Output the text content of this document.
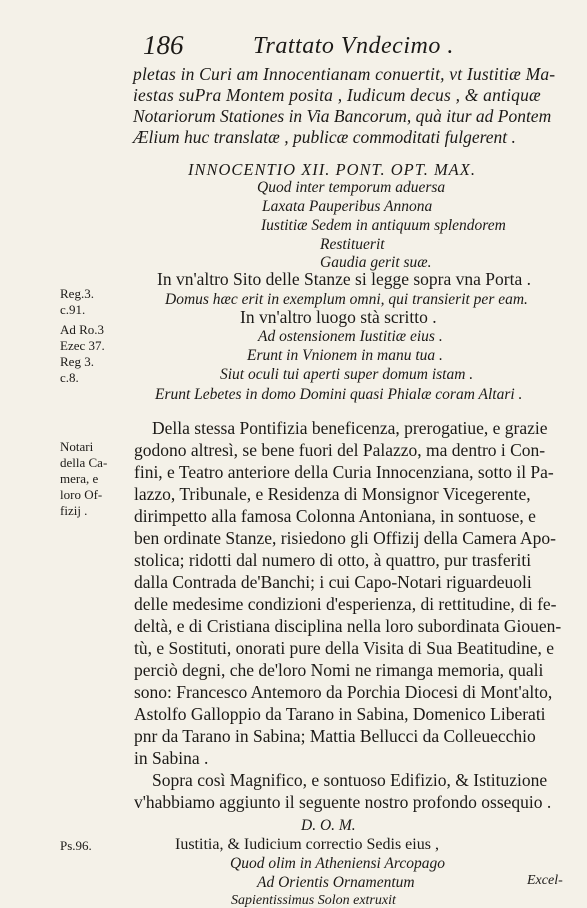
186	Trattato Vndecimo .
pletas in Curi am Innocentianam conuertit, vt Iustitiæ Ma-
iestas suPra Montem posita , Iudicum decus , & antiquæ
Notariorum Stationes in Via Bancorum, quà itur ad Pontem
Ælium huc translatæ , publicæ commoditati fulgerent .
INNOCENTIO XII. PONT. OPT. MAX.
Quod inter temporum aduersa
Laxata Pauperibus Annona
Iustitiæ Sedem in antiquum splendorem
Restituerit
Gaudia gerit suæ.
Reg.3.
c.91.
Ad Ro.3
Ezec 37.
Reg 3.
c.8.
In vn'altro Sito delle Stanze si legge sopra vna Porta .
Domus hæc erit in exemplum omni, qui transierit per eam.
In vn'altro luogo stà scritto .
Ad ostensionem Iustitiæ eius .
Erunt in Vnionem in manu tua .
Siut oculi tui aperti super domum istam .
Erunt Lebetes in domo Domini quasi Phialæ coram Altari .
Notari
della Ca-
mera, e
loro Of-
fizij .
Della stessa Pontifizia beneficenza, prerogatiue, e grazie
godono altresì, se bene fuori del Palazzo, ma dentro i Con-
fini, e Teatro anteriore della Curia Innocenziana, sotto il Pa-
lazzo, Tribunale, e Residenza di Monsignor Vicegerente,
dirimpetto alla famosa Colonna Antoniana, in sontuose, e
ben ordinate Stanze, risiedono gli Offizij della Camera Apo-
stolica; ridotti dal numero di otto, à quattro, pur trasferiti
dalla Contrada de'Banchi; i cui Capo-Notari riguardeuoli
delle medesime condizioni d'esperienza, di rettitudine, di fe-
deltà, e di Cristiana disciplina nella loro subordinata Giouen-
tù, e Sostituti, onorati pure della Visita di Sua Beatitudine, e
perciò degni, che de'loro Nomi ne rimanga memoria, quali
sono: Francesco Antemoro da Porchia Diocesi di Mont'alto,
Astolfo Galloppio da Tarano in Sabina, Domenico Liberati
pnr da Tarano in Sabina; Mattia Bellucci da Colleuecchio
in Sabina .
Sopra così Magnifico, e sontuoso Edifizio, & Istituzione
v'habbiamo aggiunto il seguente nostro profondo ossequio .
D. O. M.
Ps.96.	Iustitia, & Iudicium correctio Sedis eius ,
Quod olim in Atheniensi Arcopago
Ad Orientis Ornamentum
Sapientissimus Solon extruxit
Excel-
